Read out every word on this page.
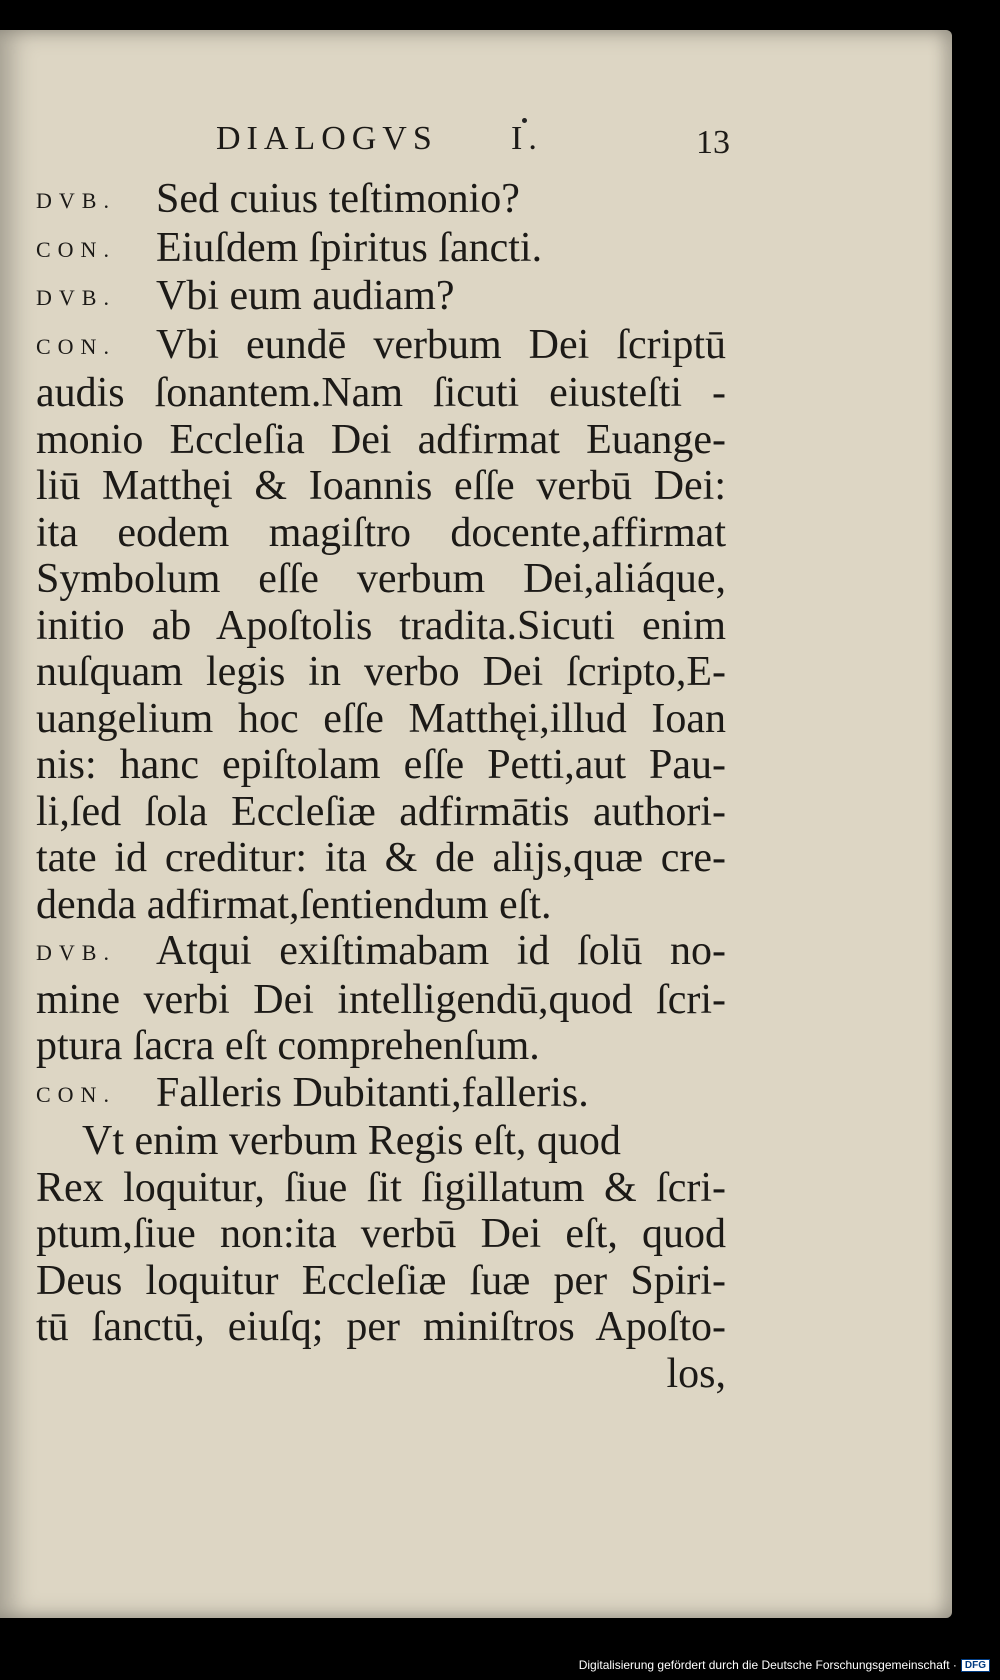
DIALOGVS I.	13
DVB. Sed cuius teſtimonio?
CON. Eiuſdem ſpiritus ſancti.
DVB. Vbi eum audiam?
CON. Vbi eundē verbum Dei ſcriptū
audis ſonantem.Nam ſicuti eiusteſti -
monio Eccleſia Dei adfirmat Euange-
liū Matthęi & Ioannis eſſe verbū Dei:
ita eodem magiſtro docente,affirmat
Symbolum eſſe verbum Dei,aliáque,
initio ab Apoſtolis tradita.Sicuti enim
nuſquam legis in verbo Dei ſcripto,E-
uangelium hoc eſſe Matthęi,illud Ioan
nis: hanc epiſtolam eſſe Petti,aut Pau-
li,ſed ſola Eccleſiæ adfirmātis authori-
tate id creditur: ita & de alijs,quæ cre-
denda adfirmat,ſentiendum eſt.
DVB. Atqui exiſtimabam id ſolū no-
mine verbi Dei intelligendū,quod ſcri-
ptura ſacra eſt comprehenſum.
CON. Falleris Dubitanti,falleris.
Vt enim verbum Regis eſt, quod
Rex loquitur, ſiue ſit ſigillatum & ſcri-
ptum,ſiue non:ita verbū Dei eſt, quod
Deus loquitur Eccleſiæ ſuæ per Spiri-
tū ſanctū, eiuſq; per miniſtros Apoſto-
los,
Digitalisierung gefördert durch die Deutsche Forschungsgemeinschaft · DFG
